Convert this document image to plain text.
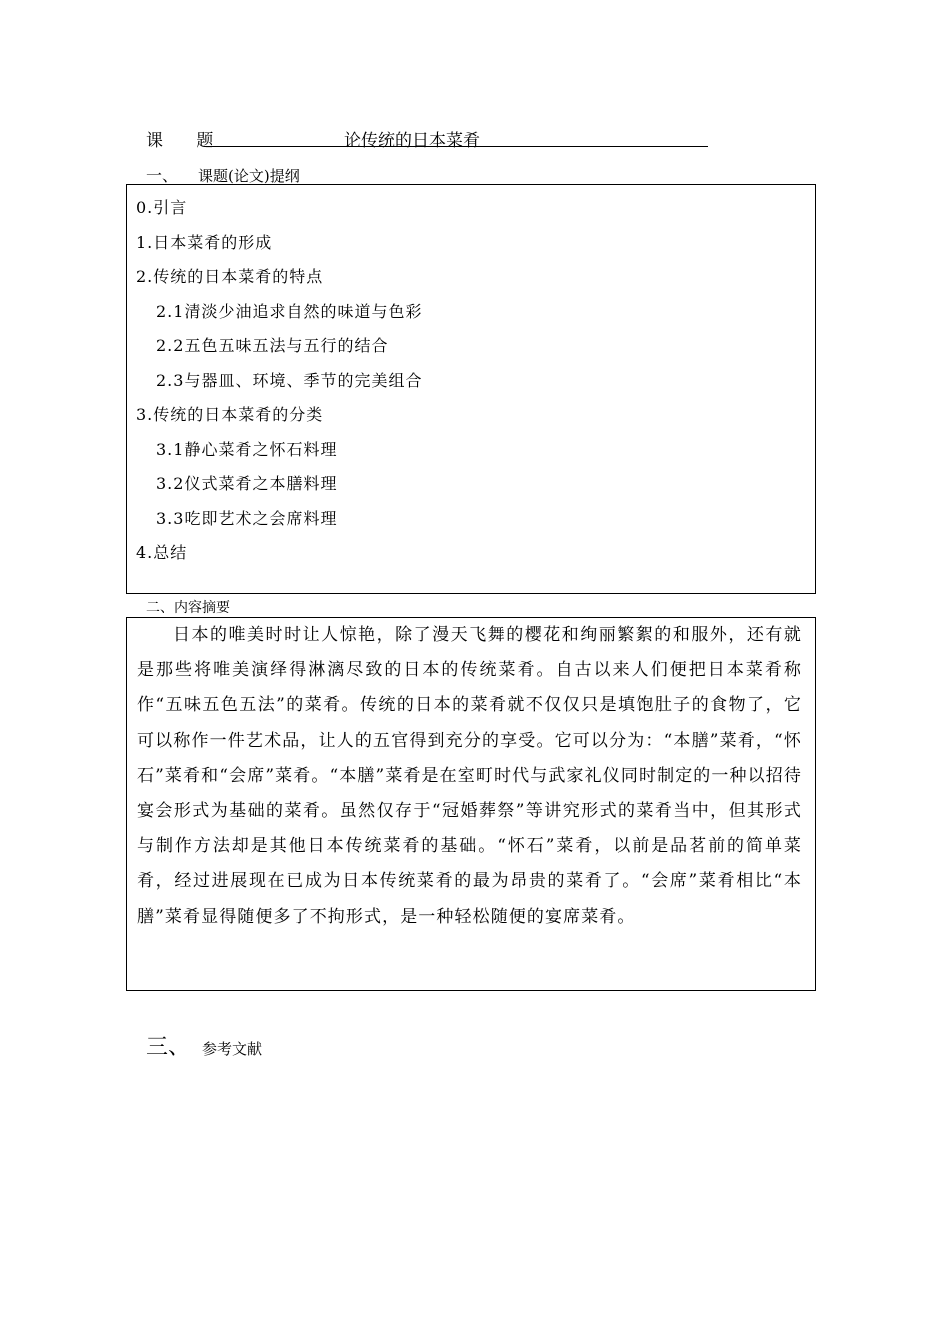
课 题	论传统的日本菜肴
一、 课题(论文)提纲
0.引言
1.日本菜肴的形成
2.传统的日本菜肴的特点
2.1清淡少油追求自然的味道与色彩
2.2五色五味五法与五行的结合
2.3与器皿、环境、季节的完美组合
3.传统的日本菜肴的分类
3.1静心菜肴之怀石料理
3.2仪式菜肴之本膳料理
3.3吃即艺术之会席料理
4.总结
二、内容摘要

日本的唯美时时让人惊艳，除了漫天飞舞的樱花和绚丽繁絮的和服外，还有就是那些将唯美演绎得淋漓尽致的日本的传统菜肴。自古以来人们便把日本菜肴称作“五味五色五法”的菜肴。传统的日本的菜肴就不仅仅只是填饱肚子的食物了，它可以称作一件艺术品，让人的五官得到充分的享受。它可以分为：“本膳”菜肴，“怀石”菜肴和“会席”菜肴。“本膳”菜肴是在室町时代与武家礼仪同时制定的一种以招待宴会形式为基础的菜肴。虽然仅存于“冠婚葬祭”等讲究形式的菜肴当中，但其形式与制作方法却是其他日本传统菜肴的基础。“怀石”菜肴，以前是品茗前的简单菜肴，经过进展现在已成为日本传统菜肴的最为昂贵的菜肴了。“会席”菜肴相比“本膳”菜肴显得随便多了不拘形式，是一种轻松随便的宴席菜肴。

三、 参考文献
